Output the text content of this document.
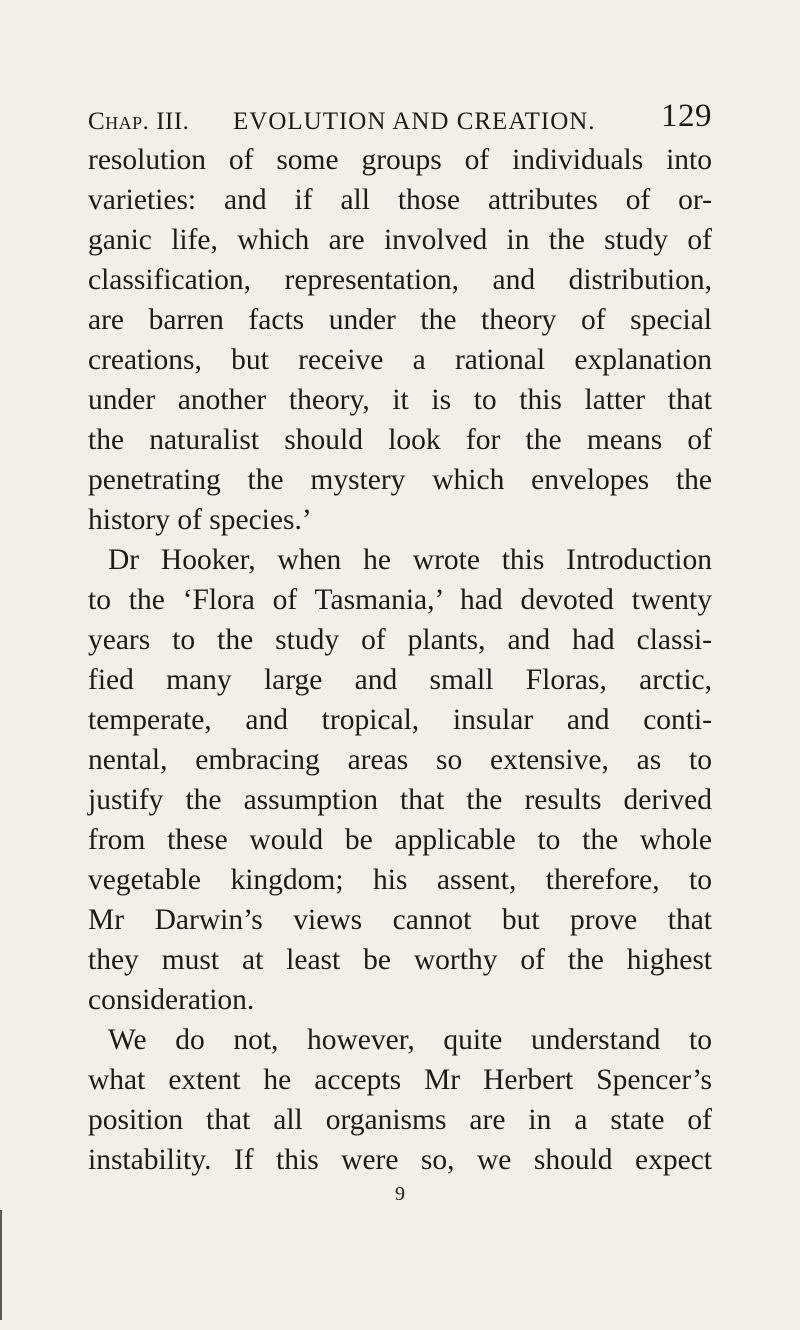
Chap. III. EVOLUTION AND CREATION. 129
resolution of some groups of individuals into
varieties: and if all those attributes of or-
ganic life, which are involved in the study of
classification, representation, and distribution,
are barren facts under the theory of special
creations, but receive a rational explanation
under another theory, it is to this latter that
the naturalist should look for the means of
penetrating the mystery which envelopes the
history of species.’
Dr Hooker, when he wrote this Introduction
to the ‘Flora of Tasmania,’ had devoted twenty
years to the study of plants, and had classi-
fied many large and small Floras, arctic,
temperate, and tropical, insular and conti-
nental, embracing areas so extensive, as to
justify the assumption that the results derived
from these would be applicable to the whole
vegetable kingdom; his assent, therefore, to
Mr Darwin’s views cannot but prove that
they must at least be worthy of the highest
consideration.
We do not, however, quite understand to
what extent he accepts Mr Herbert Spencer’s
position that all organisms are in a state of
instability. If this were so, we should expect
9
